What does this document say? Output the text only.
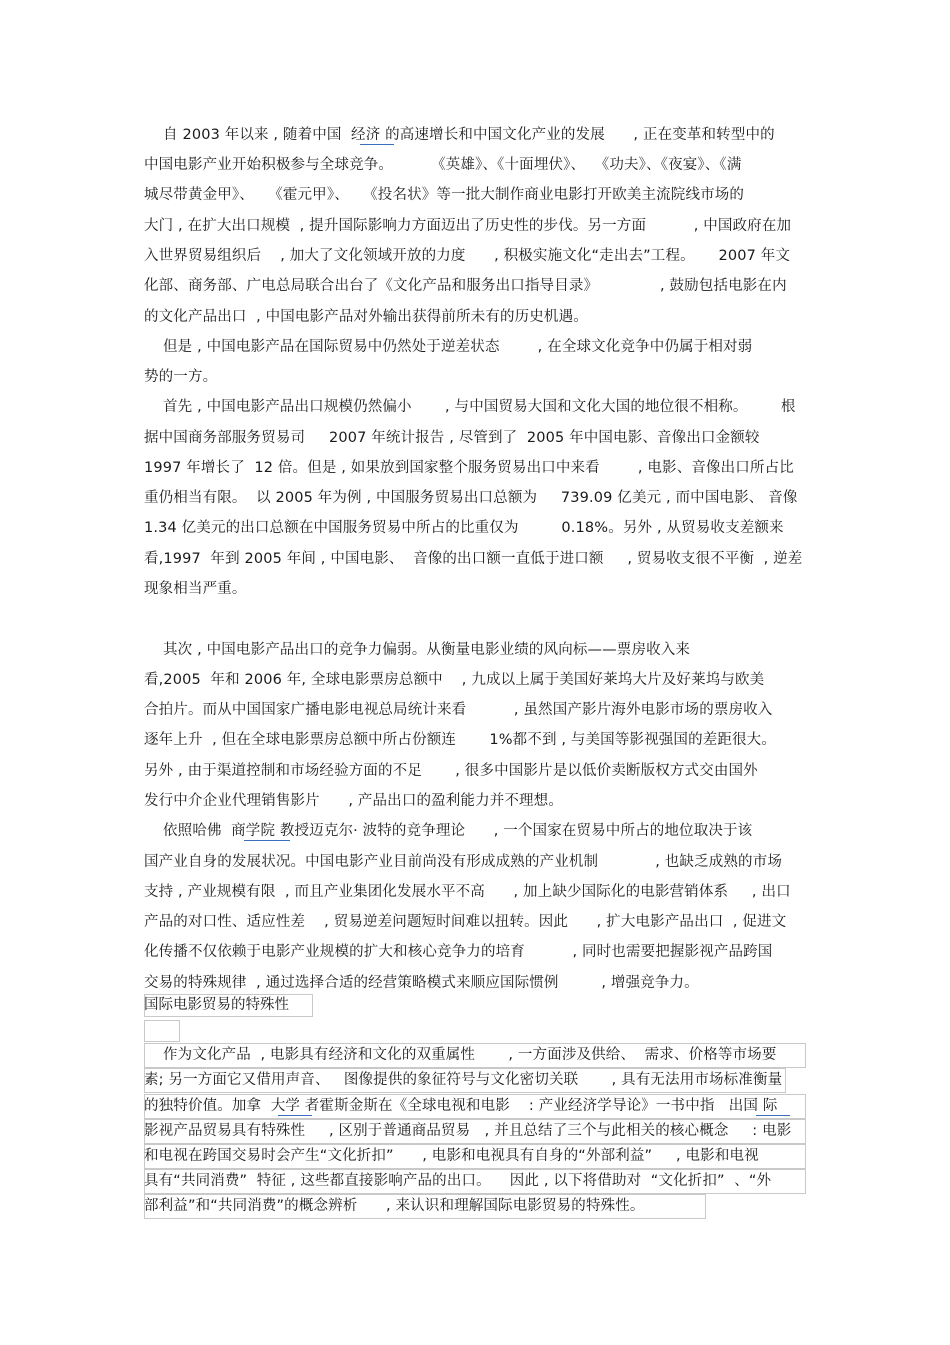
自 2003 年以来 , 随着中国  经济 的高速增长和中国文化产业的发展      , 正在变革和转型中的
中国电影产业开始积极参与全球竞争。        《英雄》、《十面埋伏》、  《功夫》、《夜宴》、《满
城尽带黄金甲》、   《霍元甲》、   《投名状》等一批大制作商业电影打开欧美主流院线市场的
大门 , 在扩大出口规模  , 提升国际影响力方面迈出了历史性的步伐。另一方面          , 中国政府在加
入世界贸易组织后    , 加大了文化领域开放的力度      , 积极实施文化“走出去”工程。     2007 年文
化部、商务部、广电总局联合出台了《文化产品和服务出口指导目录》             , 鼓励包括电影在内
的文化产品出口  , 中国电影产品对外输出获得前所未有的历史机遇。
但是 , 中国电影产品在国际贸易中仍然处于逆差状态        , 在全球文化竞争中仍属于相对弱
势的一方。
首先 , 中国电影产品出口规模仍然偏小       , 与中国贸易大国和文化大国的地位很不相称。       根
据中国商务部服务贸易司     2007 年统计报告 , 尽管到了  2005 年中国电影、音像出口金额较
1997 年增长了  12 倍。但是 , 如果放到国家整个服务贸易出口中来看        , 电影、音像出口所占比
重仍相当有限。  以 2005 年为例 , 中国服务贸易出口总额为     739.09 亿美元 , 而中国电影、 音像
1.34 亿美元的出口总额在中国服务贸易中所占的比重仅为         0.18%。另外 , 从贸易收支差额来
看,1997  年到 2005 年间 , 中国电影、  音像的出口额一直低于进口额     , 贸易收支很不平衡  , 逆差
现象相当严重。
其次 , 中国电影产品出口的竞争力偏弱。从衡量电影业绩的风向标——票房收入来
看,2005  年和 2006 年, 全球电影票房总额中    , 九成以上属于美国好莱坞大片及好莱坞与欧美
合拍片。而从中国国家广播电影电视总局统计来看          , 虽然国产影片海外电影市场的票房收入
逐年上升  , 但在全球电影票房总额中所占份额连       1%都不到 , 与美国等影视强国的差距很大。
另外 , 由于渠道控制和市场经验方面的不足       , 很多中国影片是以低价卖断版权方式交由国外
发行中介企业代理销售影片      , 产品出口的盈利能力并不理想。
依照哈佛  商学院 教授迈克尔· 波特的竞争理论      , 一个国家在贸易中所占的地位取决于该
国产业自身的发展状况。中国电影产业目前尚没有形成成熟的产业机制            , 也缺乏成熟的市场
支持 , 产业规模有限  , 而且产业集团化发展水平不高      , 加上缺少国际化的电影营销体系     , 出口
产品的对口性、适应性差    , 贸易逆差问题短时间难以扭转。因此      , 扩大电影产品出口  , 促进文
化传播不仅依赖于电影产业规模的扩大和核心竞争力的培育          , 同时也需要把握影视产品跨国
交易的特殊规律  , 通过选择合适的经营策略模式来顺应国际惯例         , 增强竞争力。
国际电影贸易的特殊性
作为文化产品  , 电影具有经济和文化的双重属性       , 一方面涉及供给、  需求、价格等市场要
素; 另一方面它又借用声音、   图像提供的象征符号与文化密切关联       , 具有无法用市场标准衡量
的独特价值。加拿  大学 者霍斯金斯在《全球电视和电影    : 产业经济学导论》一书中指   出国 际
影视产品贸易具有特殊性     , 区别于普通商品贸易   , 并且总结了三个与此相关的核心概念     : 电影
和电视在跨国交易时会产生“文化折扣”      , 电影和电视具有自身的“外部利益”     , 电影和电视
具有“共同消费”  特征 , 这些都直接影响产品的出口。    因此 , 以下将借助对  “文化折扣”  、“外
部利益”和“共同消费”的概念辨析      , 来认识和理解国际电影贸易的特殊性。
